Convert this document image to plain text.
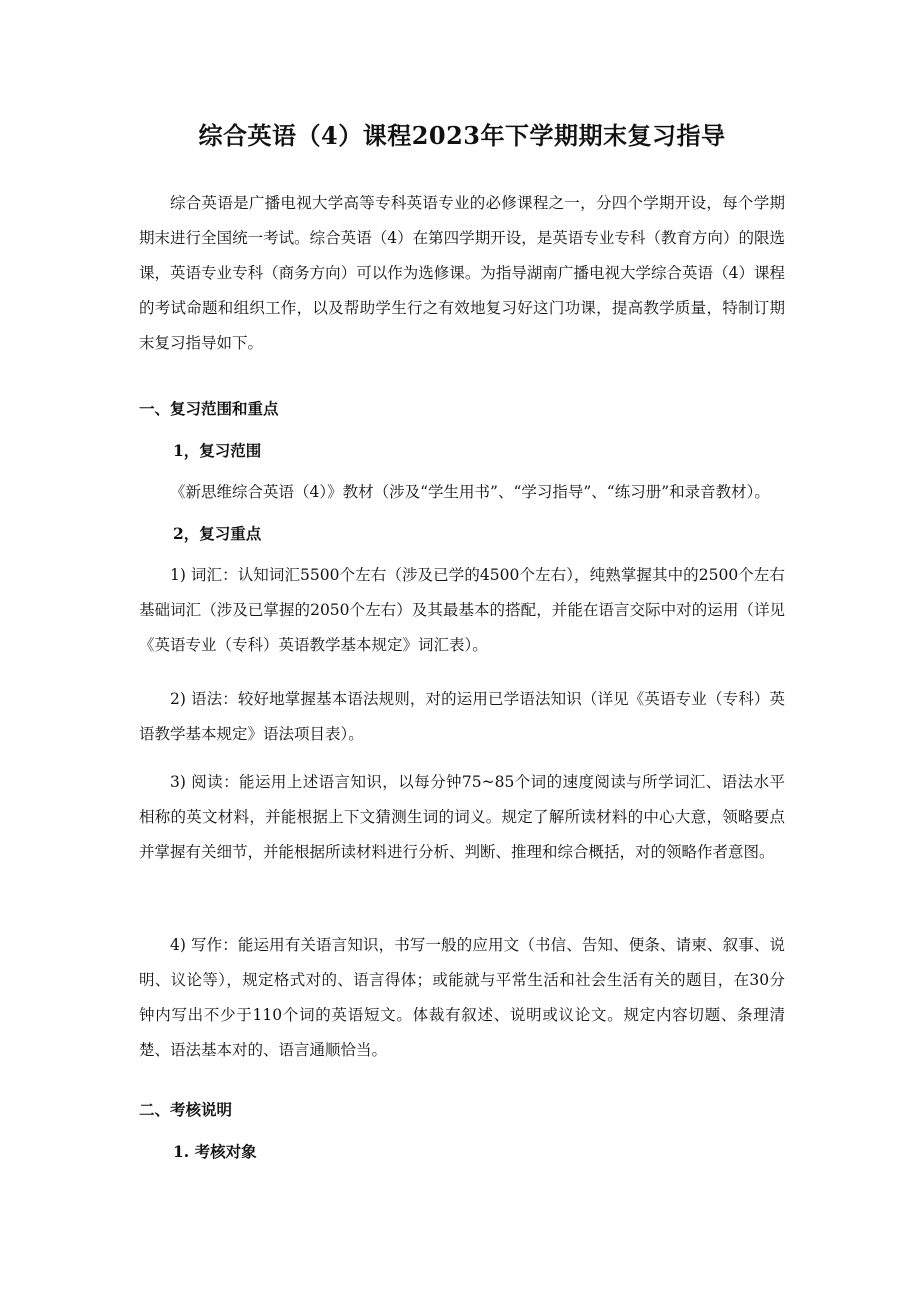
综合英语（4）课程2023年下学期期末复习指导

综合英语是广播电视大学高等专科英语专业的必修课程之一，分四个学期开设，每个学期期末进行全国统一考试。综合英语（4）在第四学期开设，是英语专业专科（教育方向）的限选课，英语专业专科（商务方向）可以作为选修课。为指导湖南广播电视大学综合英语（4）课程的考试命题和组织工作，以及帮助学生行之有效地复习好这门功课，提高教学质量，特制订期末复习指导如下。

一、复习范围和重点

1，复习范围

《新思维综合英语（4）》教材（涉及“学生用书”、“学习指导”、“练习册”和录音教材）。

2，复习重点

1) 词汇：认知词汇5500个左右（涉及已学的4500个左右），纯熟掌握其中的2500个左右基础词汇（涉及已掌握的2050个左右）及其最基本的搭配，并能在语言交际中对的运用（详见《英语专业（专科）英语教学基本规定》词汇表）。

2) 语法：较好地掌握基本语法规则，对的运用已学语法知识（详见《英语专业（专科）英语教学基本规定》语法项目表）。

3) 阅读：能运用上述语言知识，以每分钟75~85个词的速度阅读与所学词汇、语法水平相称的英文材料，并能根据上下文猜测生词的词义。规定了解所读材料的中心大意，领略要点并掌握有关细节，并能根据所读材料进行分析、判断、推理和综合概括，对的领略作者意图。

4) 写作：能运用有关语言知识，书写一般的应用文（书信、告知、便条、请柬、叙事、说明、议论等），规定格式对的、语言得体；或能就与平常生活和社会生活有关的题目，在30分钟内写出不少于110个词的英语短文。体裁有叙述、说明或议论文。规定内容切题、条理清楚、语法基本对的、语言通顺恰当。

二、考核说明

1. 考核对象
